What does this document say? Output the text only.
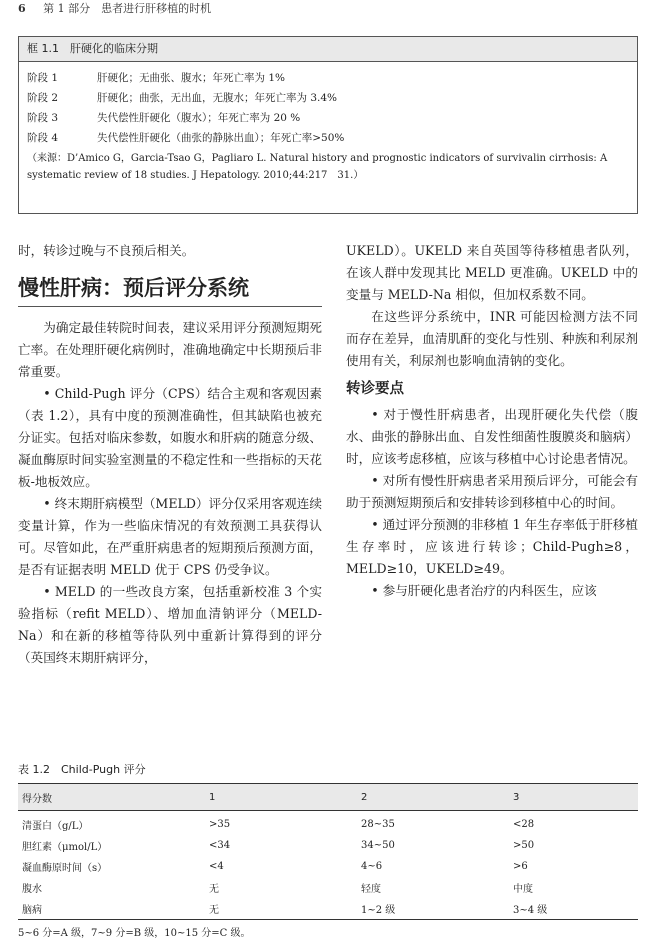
6 第 1 部分　患者进行肝移植的时机
框 1.1　肝硬化的临床分期
阶段 1	肝硬化；无曲张、腹水；年死亡率为 1%
阶段 2	肝硬化；曲张，无出血，无腹水；年死亡率为 3.4%
阶段 3	失代偿性肝硬化（腹水）；年死亡率为 20 %
阶段 4	失代偿性肝硬化（曲张的静脉出血）；年死亡率>50%
（来源：D’Amico G，Garcia-Tsao G，Pagliaro L. Natural history and prognostic indicators of survivalin cirrhosis: A systematic review of 18 studies. J Hepatology. 2010;44:217　31.）

时，转诊过晚与不良预后相关。

慢性肝病：预后评分系统

为确定最佳转院时间表，建议采用评分预测短期死亡率。在处理肝硬化病例时，准确地确定中长期预后非常重要。

• Child-Pugh 评分（CPS）结合主观和客观因素（表 1.2），具有中度的预测准确性，但其缺陷也被充分证实。包括对临床参数，如腹水和肝病的随意分级、凝血酶原时间实验室测量的不稳定性和一些指标的天花板-地板效应。

• 终末期肝病模型（MELD）评分仅采用客观连续变量计算，作为一些临床情况的有效预测工具获得认可。尽管如此，在严重肝病患者的短期预后预测方面，是否有证据表明 MELD 优于 CPS 仍受争议。

• MELD 的一些改良方案，包括重新校准 3 个实验指标（refit MELD）、增加血清钠评分（MELD-Na）和在新的移植等待队列中重新计算得到的评分（英国终末期肝病评分，

UKELD）。UKELD 来自英国等待移植患者队列，在该人群中发现其比 MELD 更准确。UKELD 中的变量与 MELD-Na 相似，但加权系数不同。

在这些评分系统中，INR 可能因检测方法不同而存在差异，血清肌酐的变化与性别、种族和利尿剂使用有关，利尿剂也影响血清钠的变化。

转诊要点

• 对于慢性肝病患者，出现肝硬化失代偿（腹水、曲张的静脉出血、自发性细菌性腹膜炎和脑病）时，应该考虑移植，应该与移植中心讨论患者情况。

• 对所有慢性肝病患者采用预后评分，可能会有助于预测短期预后和安排转诊到移植中心的时间。

• 通过评分预测的非移植 1 年生存率低于肝移植生存率时，应该进行转诊；Child-Pugh≥8，MELD≥10，UKELD≥49。

• 参与肝硬化患者治疗的内科医生，应该

表 1.2　Child-Pugh 评分
得分数	1	2	3
清蛋白（g/L）	>35	28~35	<28
胆红素（μmol/L）	<34	34~50	>50
凝血酶原时间（s）	<4	4~6	>6
腹水	无	轻度	中度
脑病	无	1~2 级	3~4 级
5~6 分=A 级，7~9 分=B 级，10~15 分=C 级。
